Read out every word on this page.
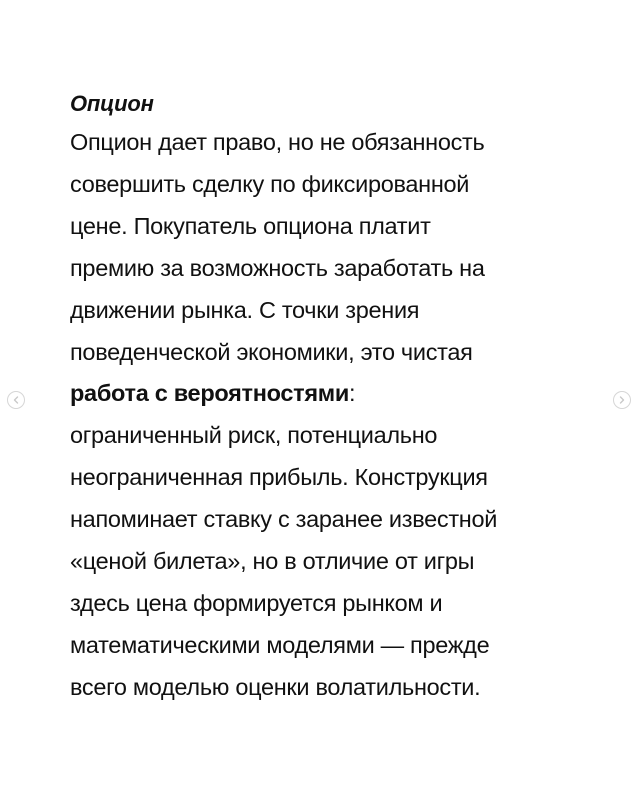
Опцион
Опцион дает право, но не обязанность
совершить сделку по фиксированной
цене. Покупатель опциона платит
премию за возможность заработать на
движении рынка. С точки зрения
поведенческой экономики, это чистая
работа с вероятностями:
ограниченный риск, потенциально
неограниченная прибыль. Конструкция
напоминает ставку с заранее известной
«ценой билета», но в отличие от игры
здесь цена формируется рынком и
математическими моделями — прежде
всего моделью оценки волатильности.
